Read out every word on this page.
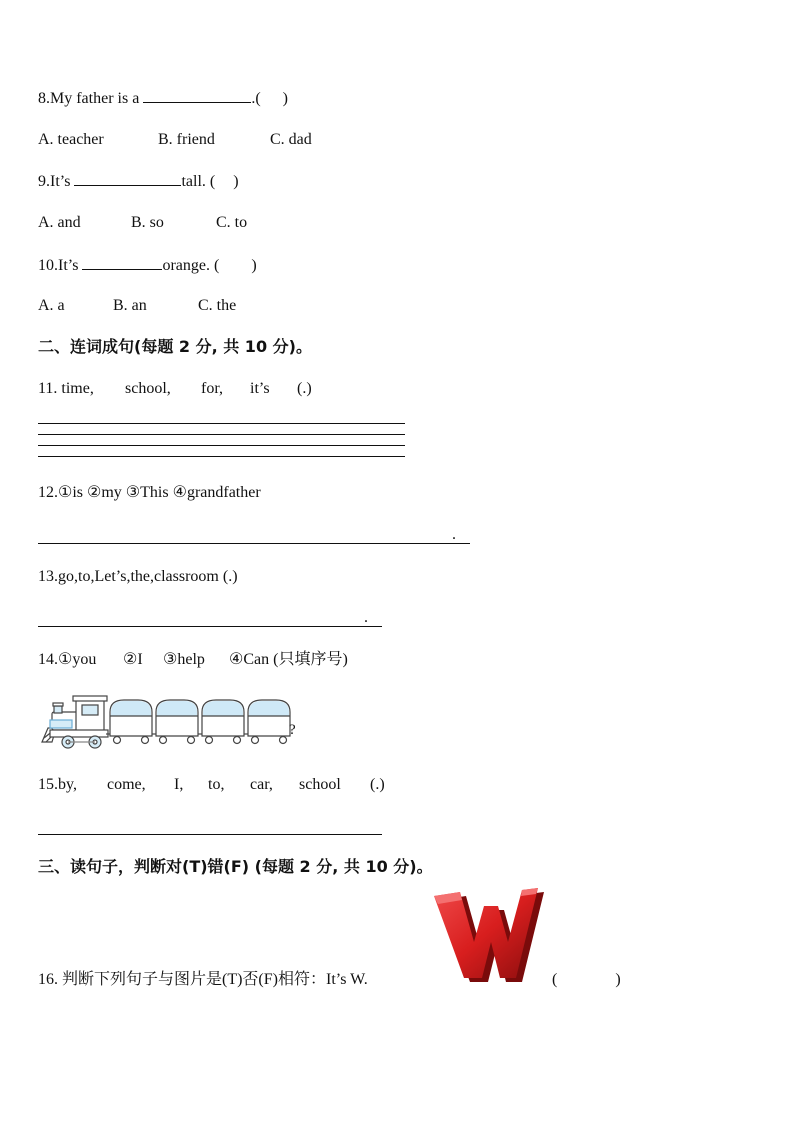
8.My father is a	.( )
A. teacher	B. friend	C. dad
9.It’s	tall. ( )
A. and	B. so	C. to
10.It’s	orange. ( )
A. a	B. an	C. the
二、连词成句(每题 2 分, 共 10 分)。
11. time, school, for, it’s (.)
12.①is ②my ③This ④grandfather
.
13.go,to,Let’s,the,classroom (.)
.
14.①you ②I ③help ④Can (只填序号)
?
15.by, come, I, to, car, school (.)
三、读句子，判断对(T)错(F) (每题 2 分, 共 10 分)。
16. 判断下列句子与图片是(T)否(F)相符：It’s W.	(	)
